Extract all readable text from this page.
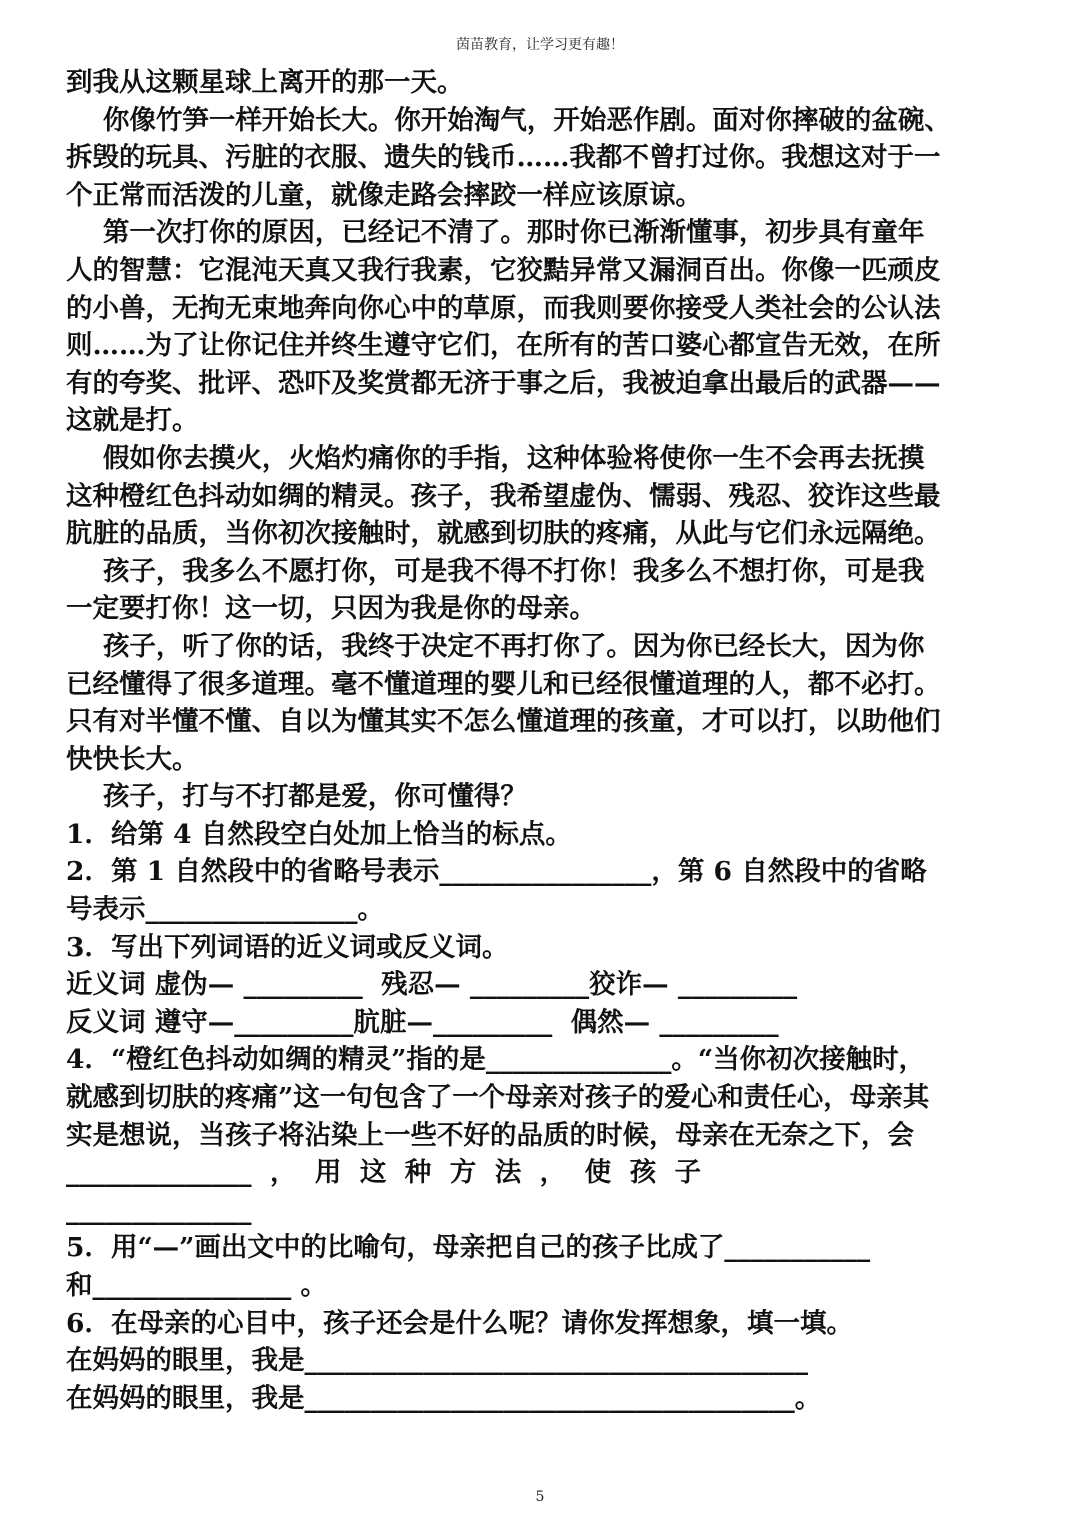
茵苗教育，让学习更有趣！
到我从这颗星球上离开的那一天。
你像竹笋一样开始长大。你开始淘气，开始恶作剧。面对你摔破的盆碗、
拆毁的玩具、污脏的衣服、遗失的钱币……我都不曾打过你。我想这对于一
个正常而活泼的儿童，就像走路会摔跤一样应该原谅。
第一次打你的原因，已经记不清了。那时你已渐渐懂事，初步具有童年
人的智慧：它混沌天真又我行我素，它狡黠异常又漏洞百出。你像一匹顽皮
的小兽，无拘无束地奔向你心中的草原，而我则要你接受人类社会的公认法
则……为了让你记住并终生遵守它们，在所有的苦口婆心都宣告无效，在所
有的夸奖、批评、恐吓及奖赏都无济于事之后，我被迫拿出最后的武器——
这就是打。
假如你去摸火，火焰灼痛你的手指，这种体验将使你一生不会再去抚摸
这种橙红色抖动如绸的精灵。孩子，我希望虚伪、懦弱、残忍、狡诈这些最
肮脏的品质，当你初次接触时，就感到切肤的疼痛，从此与它们永远隔绝。
孩子，我多么不愿打你，可是我不得不打你！我多么不想打你，可是我
一定要打你！这一切，只因为我是你的母亲。
孩子，听了你的话，我终于决定不再打你了。因为你已经长大，因为你
已经懂得了很多道理。毫不懂道理的婴儿和已经很懂道理的人，都不必打。
只有对半懂不懂、自以为懂其实不怎么懂道理的孩童，才可以打，以助他们
快快长大。
孩子，打与不打都是爱，你可懂得？
1．给第 4 自然段空白处加上恰当的标点。
2．第 1 自然段中的省略号表示________________，第 6 自然段中的省略
号表示________________。
3．写出下列词语的近义词或反义词。
近义词 虚伪— _________  残忍— _________狡诈— _________
反义词 遵守—_________肮脏—_________  偶然— _________
4．“橙红色抖动如绸的精灵”指的是______________。“当你初次接触时，
就感到切肤的疼痛”这一句包含了一个母亲对孩子的爱心和责任心，母亲其
实是想说，当孩子将沾染上一些不好的品质的时候，母亲在无奈之下，会
______________  ，  用  这  种  方  法  ，  使  孩  子
______________
5．用“—”画出文中的比喻句，母亲把自己的孩子比成了___________
和_______________ 。
6．在母亲的心目中，孩子还会是什么呢？请你发挥想象，填一填。
在妈妈的眼里，我是______________________________________
在妈妈的眼里，我是_____________________________________。
5
